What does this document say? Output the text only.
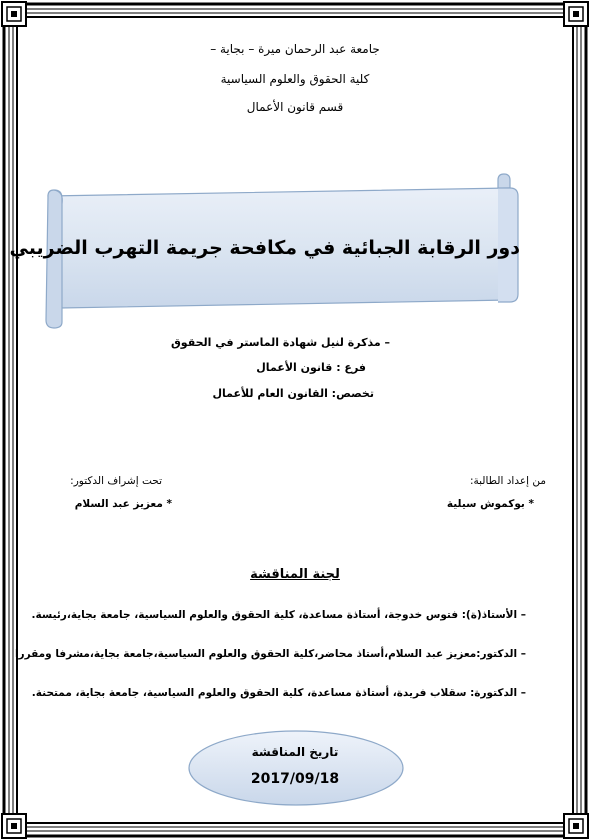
جامعة عبد الرحمان ميرة – بجاية –
كلية الحقوق والعلوم السياسية
قسم قانون الأعمال
دور الرقابة الجبائية في مكافحة جريمة التهرب الضريبي
– مذكرة لنيل شهادة الماستر في الحقوق
فرع : قانون الأعمال
تخصص: القانون العام للأعمال
من إعداد الطالبة:
* بوكموش سيلية
تحت إشراف الدكتور:
* معزيز عبد السلام
لجنة المناقشة
– الأستاذ(ة): فتوس خدوجة، أستاذة مساعدة، كلية الحقوق والعلوم السياسية، جامعة بجاية،رئيسة.
– الدكتور:معزيز عبد السلام،أستاذ محاضر،كلية الحقوق والعلوم السياسية،جامعة بجاية،مشرفا ومقررا
– الدكتورة: سقلاب فريدة، أستاذة مساعدة، كلية الحقوق والعلوم السياسية، جامعة بجاية، ممتحنة.
تاريخ المناقشة
2017/09/18
